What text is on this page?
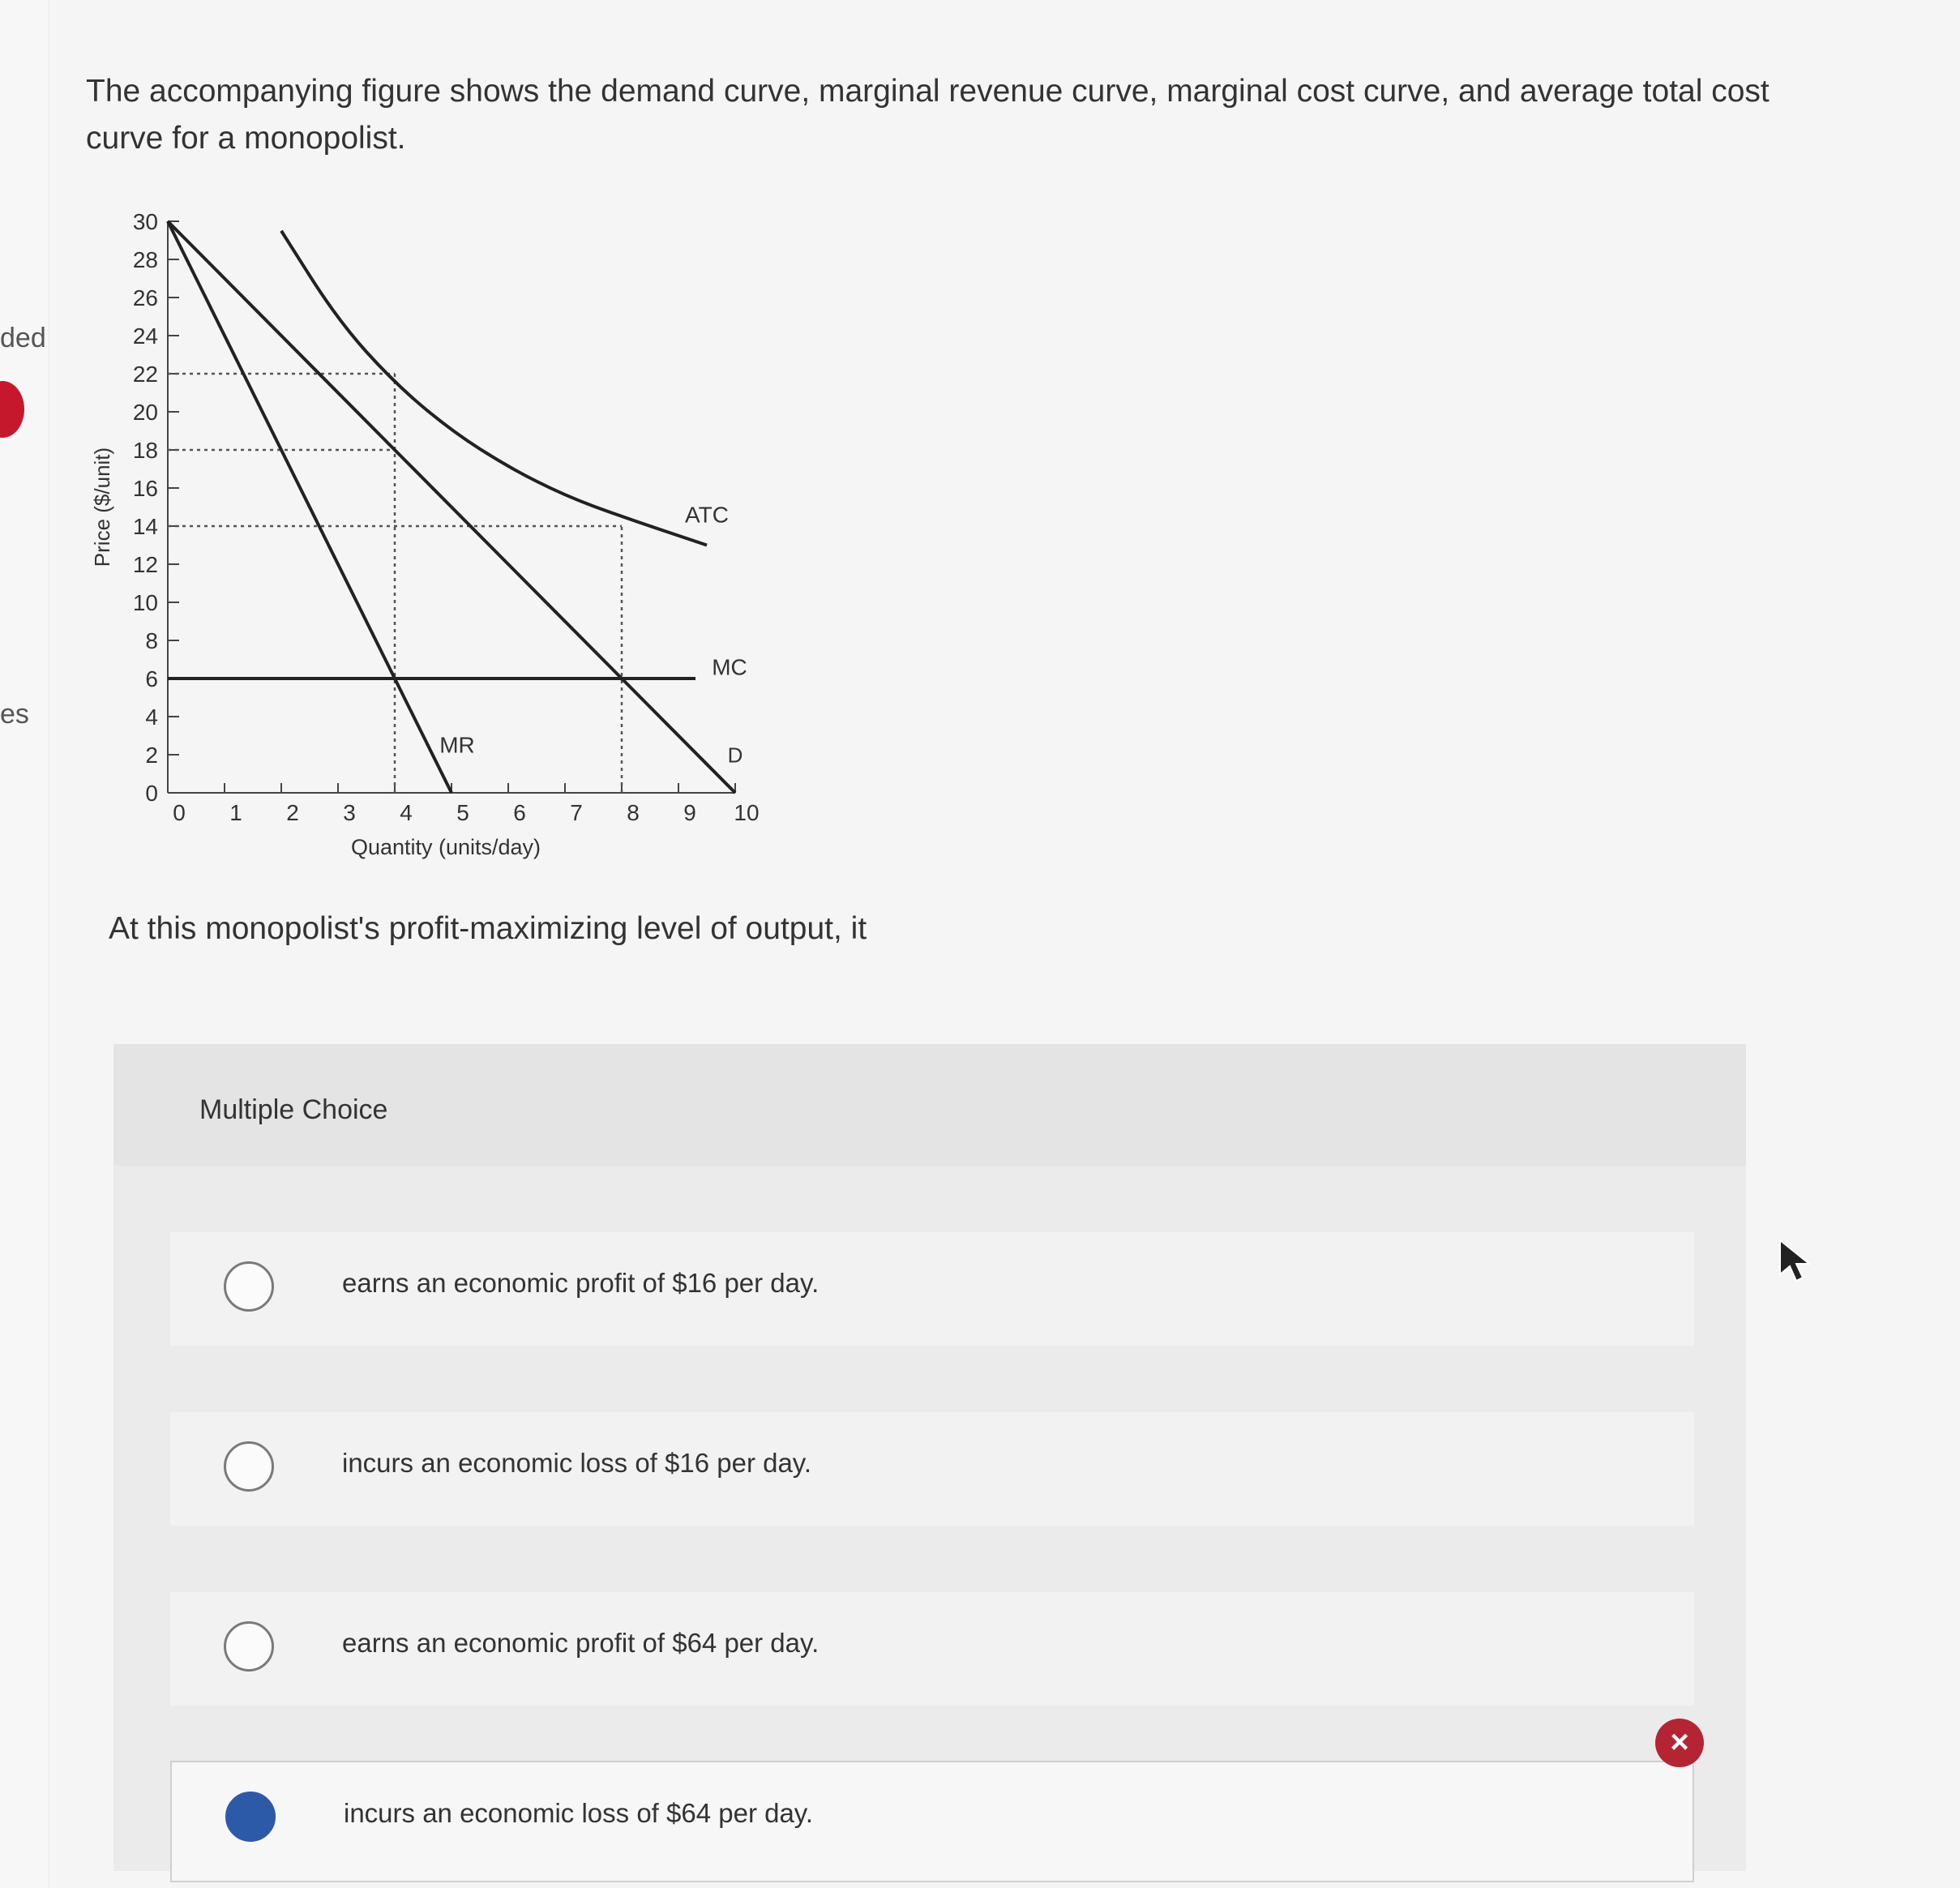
ded
es
The accompanying figure shows the demand curve, marginal revenue curve, marginal cost curve, and average total cost curve for a monopolist.
0
2
4
6
8
10
12
14
16
18
20
22
24
26
28
30
0 1 2 3 4 5 6 7 8 9 10
Quantity (units/day)
Price ($/unit)	ATC
MC
MR	D
At this monopolist's profit-maximizing level of output, it
Multiple Choice
earns an economic profit of $16 per day.
incurs an economic loss of $16 per day.
earns an economic profit of $64 per day.
incurs an economic loss of $64 per day.
×
